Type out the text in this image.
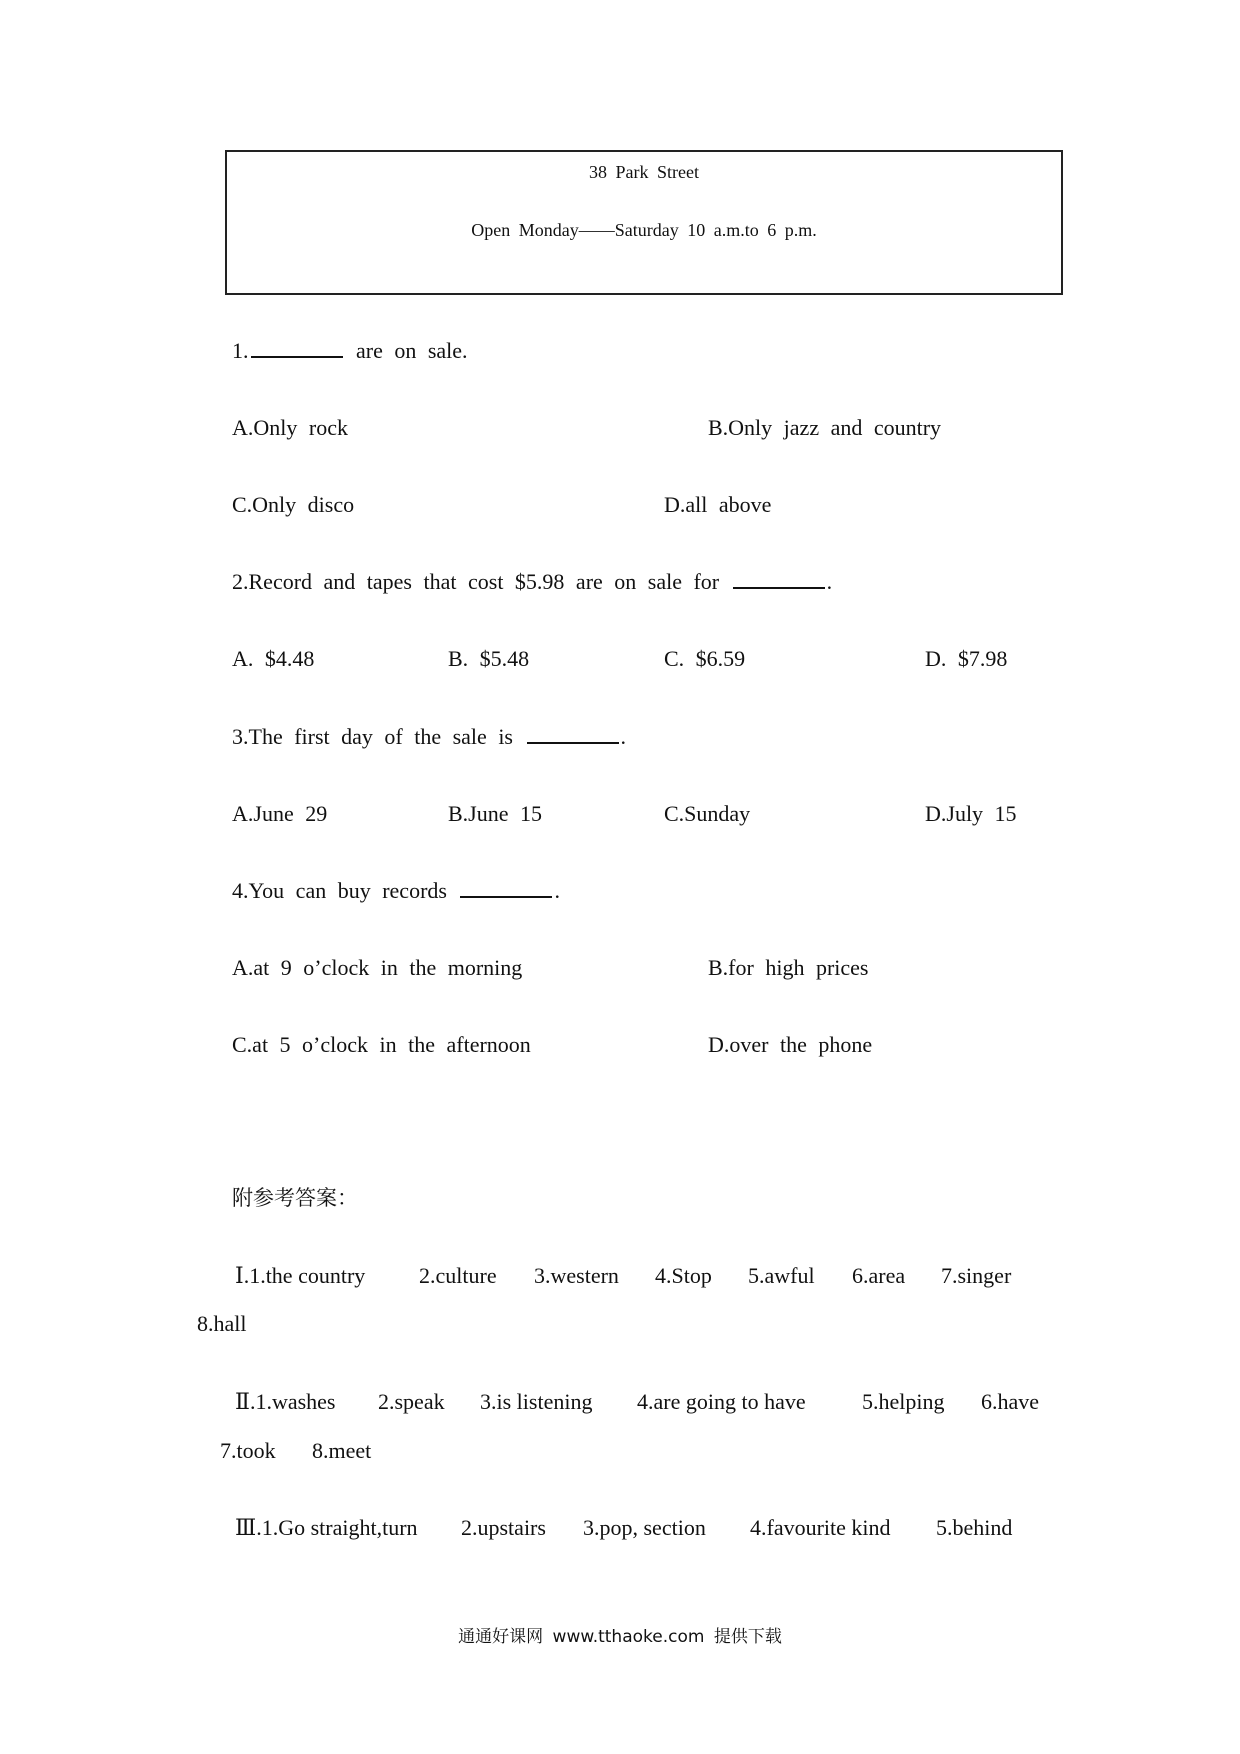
38 Park Street
Open Monday——Saturday 10 a.m.to 6 p.m.
1.	are on sale.
A.Only rock	B.Only jazz and country
C.Only disco	D.all above
2.Record and tapes that cost $5.98 are on sale for	.
A. $4.48	B. $5.48	C. $6.59	D. $7.98
3.The first day of the sale is	.
A.June 29	B.June 15	C.Sunday	D.July 15
4.You can buy records	.
A.at 9 o’clock in the morning	B.for high prices
C.at 5 o’clock in the afternoon	D.over the phone
附参考答案：
Ⅰ.1.the country 2.culture 3.western 4.Stop 5.awful 6.area 7.singer
8.hall
Ⅱ.1.washes 2.speak 3.is listening 4.are going to have	5.helping 6.have
7.took 8.meet
Ⅲ.1.Go straight,turn 2.upstairs 3.pop, section 4.favourite kind 5.behind
通通好课网 www.tthaoke.com 提供下载
